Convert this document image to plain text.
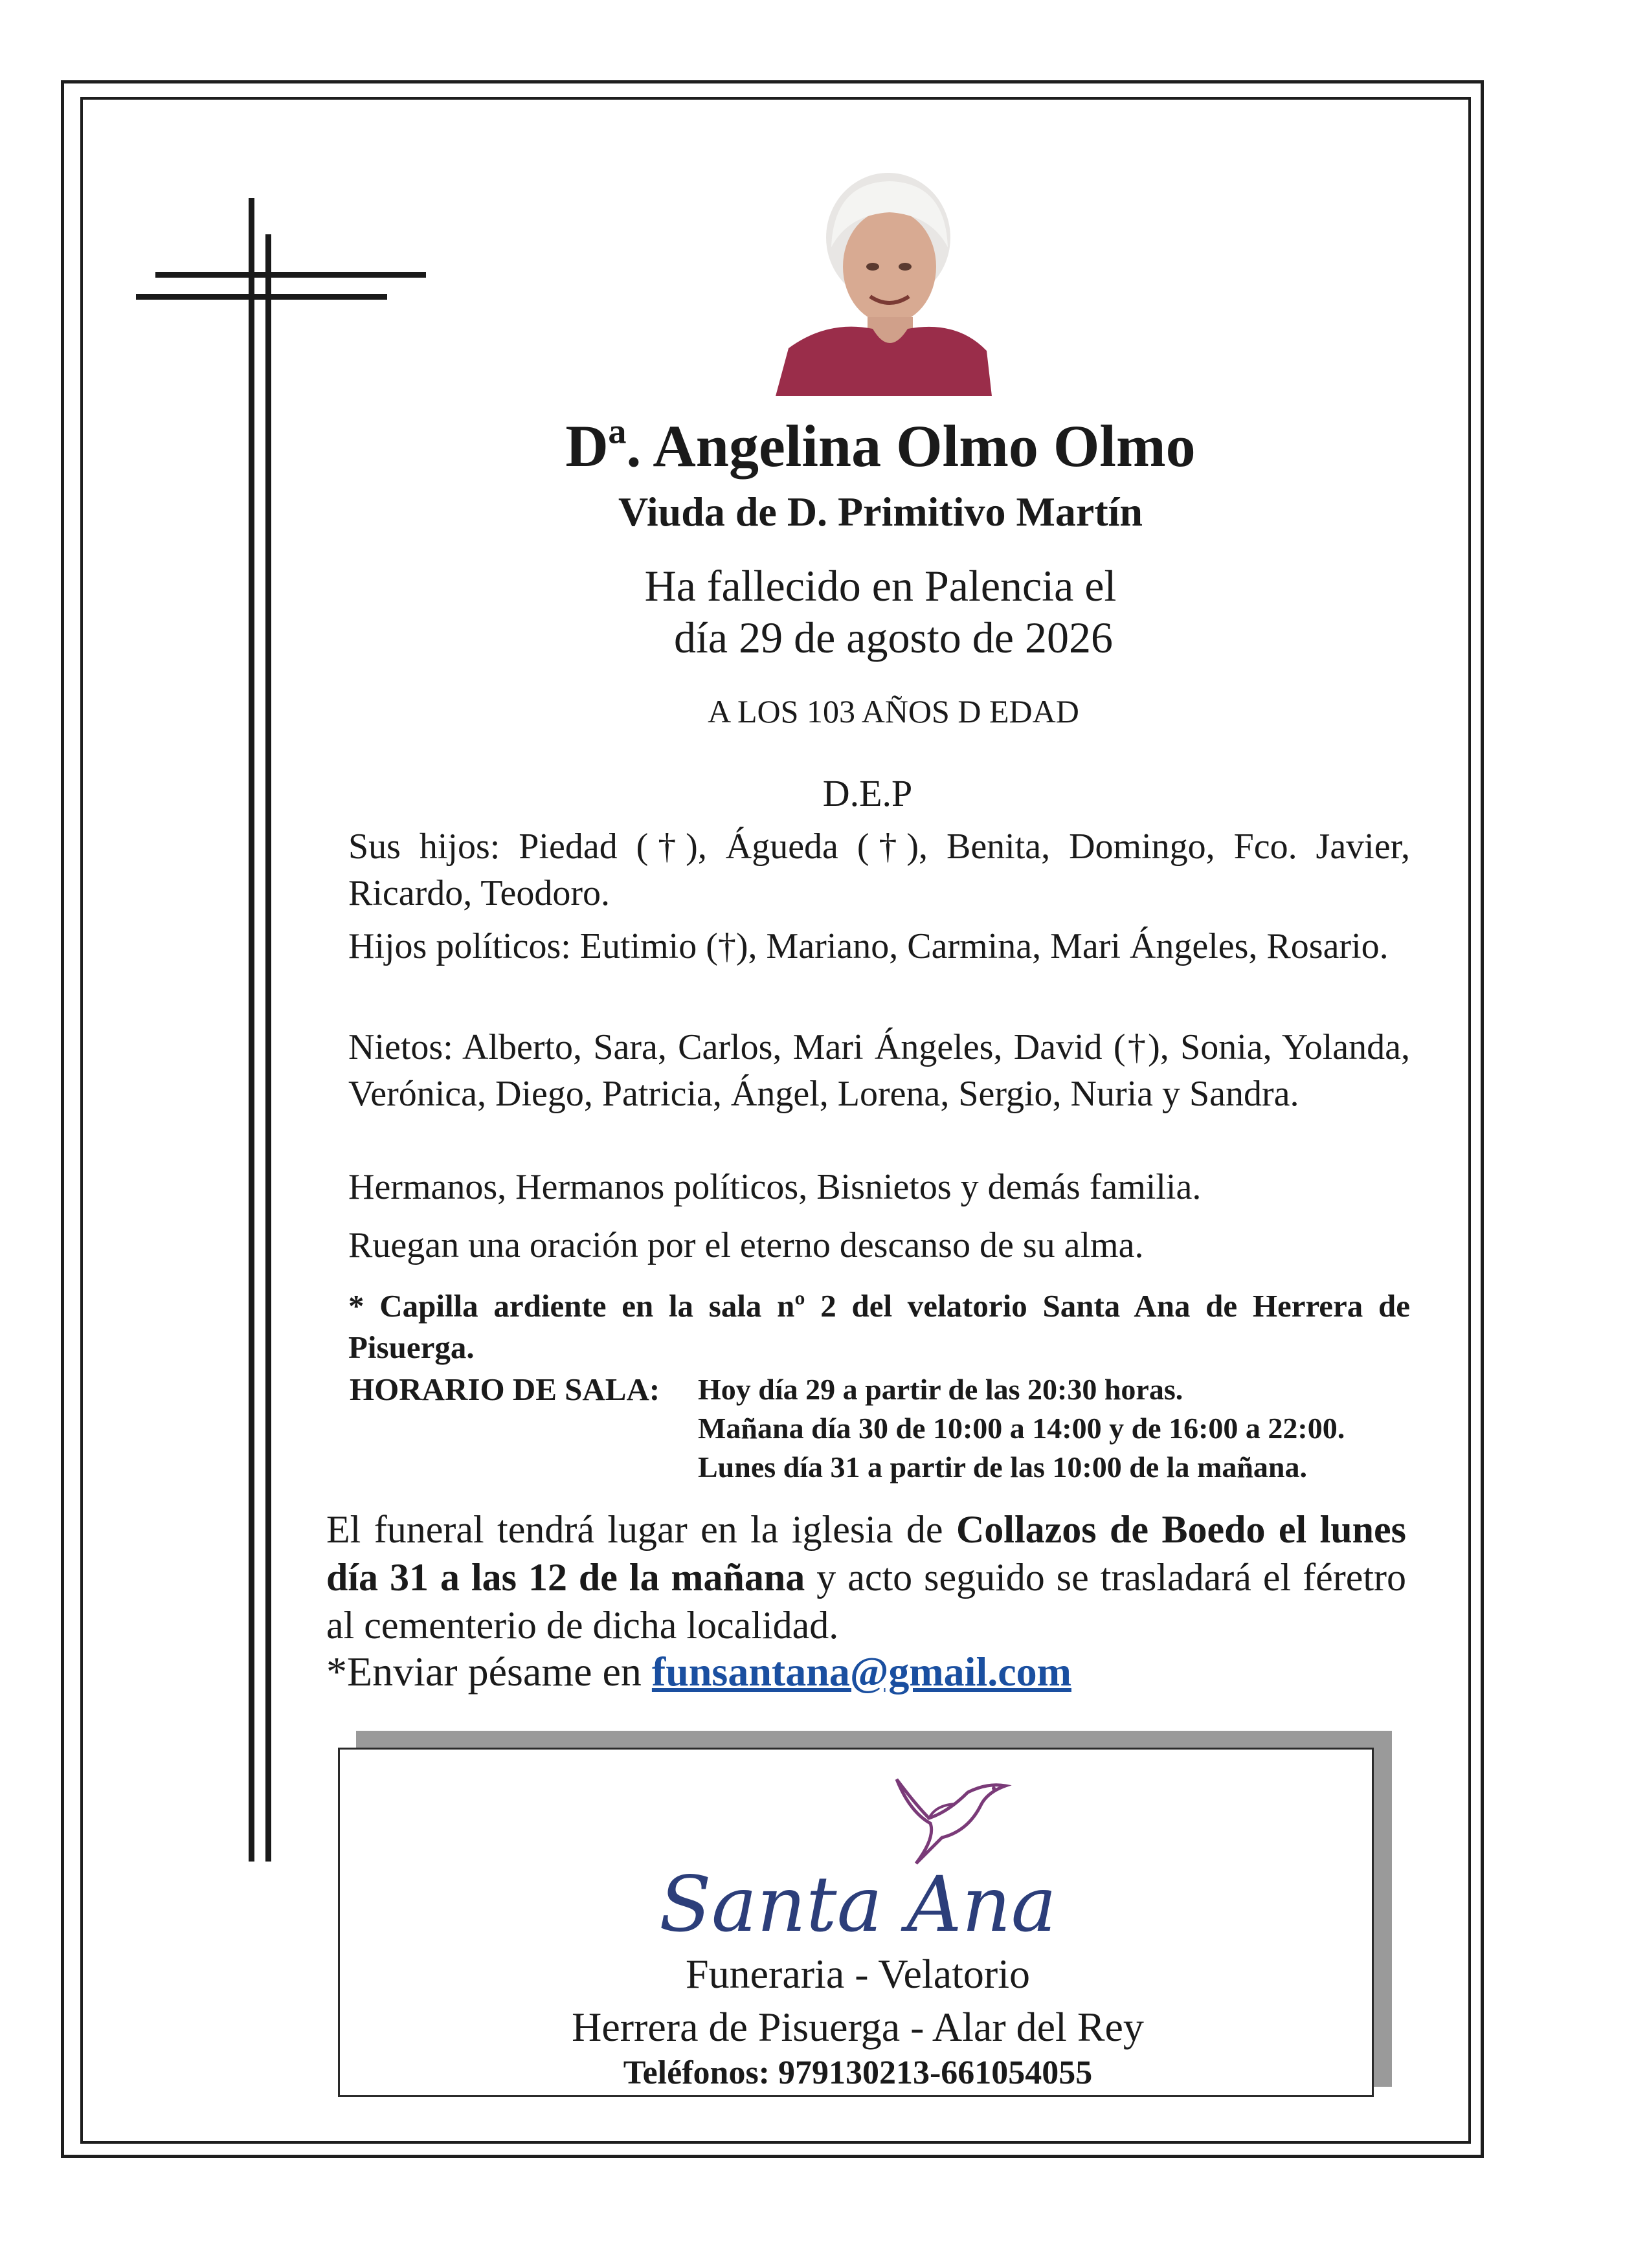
Dª. Angelina Olmo Olmo
Viuda de D. Primitivo Martín
Ha fallecido en Palencia el
día 29 de agosto de 2026
A LOS 103 AÑOS D EDAD
D.E.P
Sus hijos: Piedad (†), Águeda (†), Benita, Domingo, Fco. Javier, Ricardo, Teodoro.
Hijos políticos: Eutimio (†), Mariano, Carmina, Mari Ángeles, Rosario.
Nietos: Alberto, Sara, Carlos, Mari Ángeles, David (†), Sonia, Yolanda, Verónica, Diego, Patricia, Ángel, Lorena, Sergio, Nuria y Sandra.
Hermanos, Hermanos políticos, Bisnietos y demás familia.
Ruegan una oración por el eterno descanso de su alma.
* Capilla ardiente en la sala nº 2 del velatorio Santa Ana de Herrera de Pisuerga.
HORARIO DE SALA: Hoy día 29 a partir de las 20:30 horas.
Mañana día 30 de 10:00 a 14:00 y de 16:00 a 22:00.
Lunes día 31 a partir de las 10:00 de la mañana.
El funeral tendrá lugar en la iglesia de Collazos de Boedo el lunes día 31 a las 12 de la mañana y acto seguido se trasladará el féretro al cementerio de dicha localidad.
*Enviar pésame en funsantana@gmail.com
Santa Ana
Funeraria - Velatorio
Herrera de Pisuerga - Alar del Rey
Teléfonos: 979130213-661054055
